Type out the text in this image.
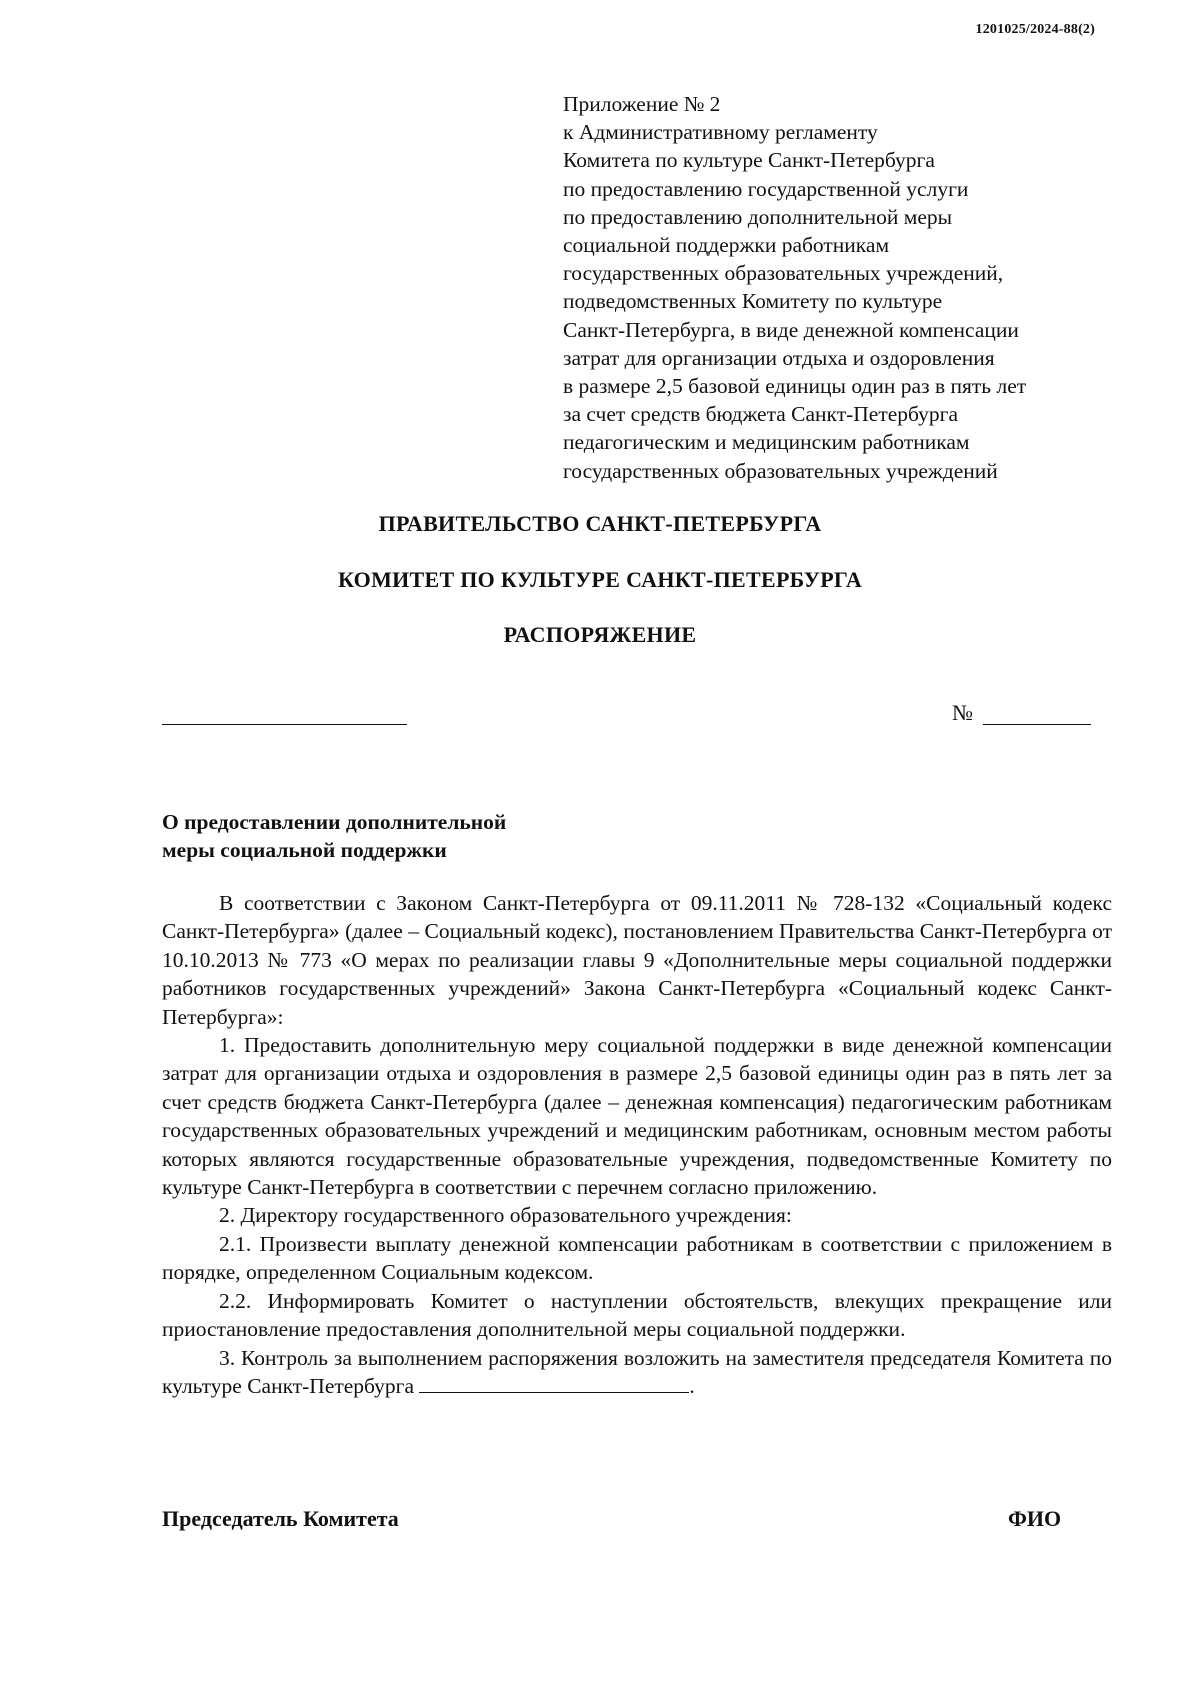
1201025/2024-88(2)
Приложение № 2
к Административному регламенту
Комитета по культуре Санкт-Петербурга
по предоставлению государственной услуги
по предоставлению дополнительной меры
социальной поддержки работникам
государственных образовательных учреждений,
подведомственных Комитету по культуре
Санкт-Петербурга, в виде денежной компенсации
затрат для организации отдыха и оздоровления
в размере 2,5 базовой единицы один раз в пять лет
за счет средств бюджета Санкт-Петербурга
педагогическим и медицинским работникам
государственных образовательных учреждений
ПРАВИТЕЛЬСТВО САНКТ-ПЕТЕРБУРГА
КОМИТЕТ ПО КУЛЬТУРЕ САНКТ-ПЕТЕРБУРГА
РАСПОРЯЖЕНИЕ
№
О предоставлении дополнительной
меры социальной поддержки

В соответствии с Законом Санкт-Петербурга от 09.11.2011 № 728-132 «Социальный кодекс Санкт-Петербурга» (далее – Социальный кодекс), постановлением Правительства Санкт-Петербурга от 10.10.2013 № 773 «О мерах по реализации главы 9 «Дополнительные меры социальной поддержки работников государственных учреждений» Закона Санкт-Петербурга «Социальный кодекс Санкт-Петербурга»:

1. Предоставить дополнительную меру социальной поддержки в виде денежной компенсации затрат для организации отдыха и оздоровления в размере 2,5 базовой единицы один раз в пять лет за счет средств бюджета Санкт-Петербурга (далее – денежная компенсация) педагогическим работникам государственных образовательных учреждений и медицинским работникам, основным местом работы которых являются государственные образовательные учреждения, подведомственные Комитету по культуре Санкт-Петербурга в соответствии с перечнем согласно приложению.

2. Директору государственного образовательного учреждения:

2.1. Произвести выплату денежной компенсации работникам в соответствии с приложением в порядке, определенном Социальным кодексом.

2.2. Информировать Комитет о наступлении обстоятельств, влекущих прекращение или приостановление предоставления дополнительной меры социальной поддержки.

3. Контроль за выполнением распоряжения возложить на заместителя председателя Комитета по культуре Санкт-Петербурга	.

Председатель Комитета	ФИО
